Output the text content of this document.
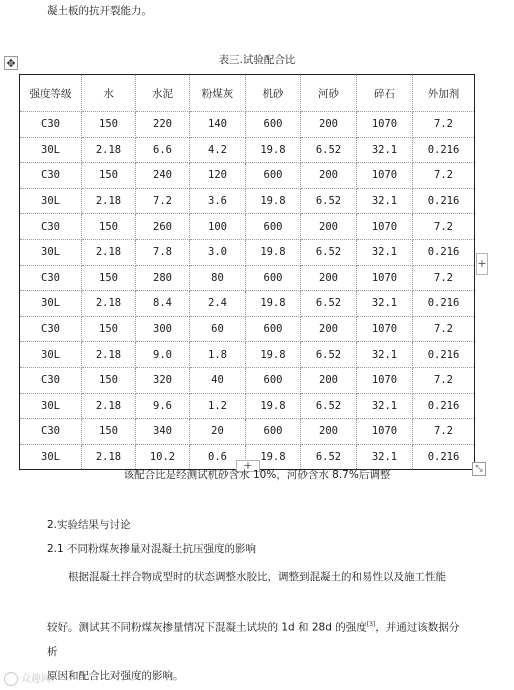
凝土板的抗开裂能力。
表三.试验配合比
✥
强度等级	水	水泥	粉煤灰	机砂	河砂	碎石	外加剂
C30	150	220	140	600	200	1070	7.2
30L	2.18	6.6	4.2	19.8	6.52	32.1	0.216
C30	150	240	120	600	200	1070	7.2
30L	2.18	7.2	3.6	19.8	6.52	32.1	0.216
C30	150	260	100	600	200	1070	7.2
30L	2.18	7.8	3.0	19.8	6.52	32.1	0.216
C30	150	280	80	600	200	1070	7.2
30L	2.18	8.4	2.4	19.8	6.52	32.1	0.216
C30	150	300	60	600	200	1070	7.2
30L	2.18	9.0	1.8	19.8	6.52	32.1	0.216
C30	150	320	40	600	200	1070	7.2
30L	2.18	9.6	1.2	19.8	6.52	32.1	0.216
C30	150	340	20	600	200	1070	7.2
30L	2.18	10.2	0.6	19.8	6.52	32.1	0.216
+
+	⤡
该配合比是经测试机砂含水 10%，河砂含水 8.7%后调整
2.实验结果与讨论
2.1 不同粉煤灰掺量对混凝土抗压强度的影响
根据混凝土拌合物成型时的状态调整水胶比，调整到混凝土的和易性以及施工性能
较好。测试其不同粉煤灰掺量情况下混凝土试块的 1d 和 28d 的强度[3]，并通过该数据分析
原因和配合比对强度的影响。
众趣网
